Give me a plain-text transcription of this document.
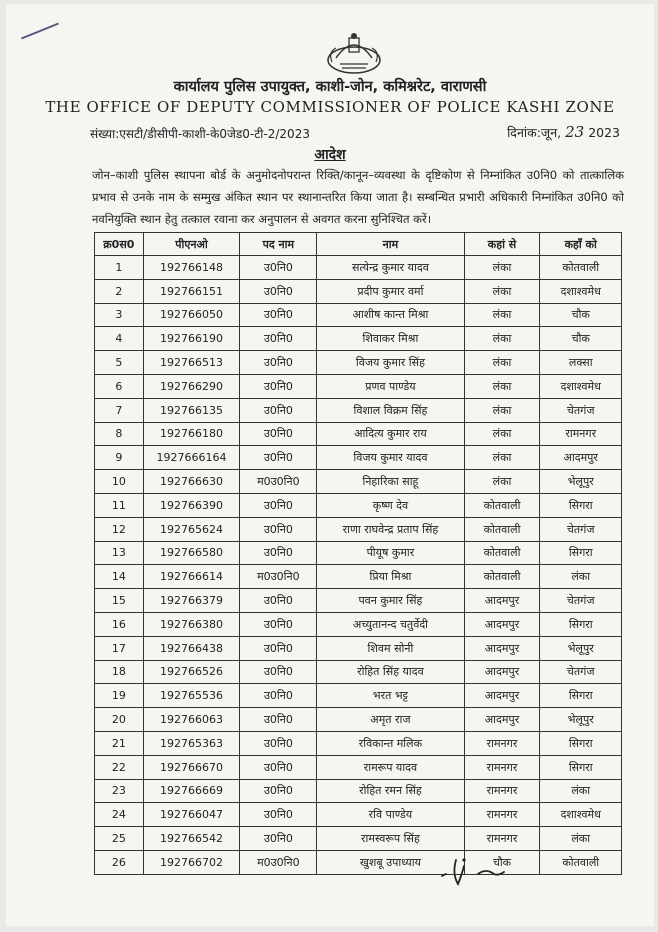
कार्यालय पुलिस उपायुक्त, काशी-जोन, कमिश्नरेट, वाराणसी
THE OFFICE OF DEPUTY COMMISSIONER OF POLICE KASHI ZONE
संख्या:एसटी/डीसीपी-काशी-के0जेड0-टी-2/2023	दिनांक:जून, 23 2023
आदेश
जोन–काशी पुलिस स्थापना बोर्ड के अनुमोदनोपरान्त रिक्ति/कानून–व्यवस्था के दृष्टिकोण से निम्नांकित उ0नि0 को तात्कालिक प्रभाव से उनके नाम के सम्मुख अंकित स्थान पर स्थानान्तरित किया जाता है। सम्बन्धित प्रभारी अधिकारी निम्नांकित उ0नि0 को नवनियुक्ति स्थान हेतु तत्काल रवाना कर अनुपालन से अवगत करना सुनिश्चित करें।
क्र0स0	पीएनओ	पद नाम	नाम	कहां से	कहाँ को
1	192766148	उ0नि0	सत्येन्द्र कुमार यादव	लंका	कोतवाली
2	192766151	उ0नि0	प्रदीप कुमार वर्मा	लंका	दशाश्वमेध
3	192766050	उ0नि0	आशीष कान्त मिश्रा	लंका	चौक
4	192766190	उ0नि0	शिवाकर मिश्रा	लंका	चौक
5	192766513	उ0नि0	विजय कुमार सिंह	लंका	लक्सा
6	192766290	उ0नि0	प्रणव पाण्डेय	लंका	दशाश्वमेध
7	192766135	उ0नि0	विशाल विक्रम सिंह	लंका	चेतगंज
8	192766180	उ0नि0	आदित्य कुमार राय	लंका	रामनगर
9	1927666164	उ0नि0	विजय कुमार यादव	लंका	आदमपुर
10	192766630	म0उ0नि0	निहारिका साहू	लंका	भेलूपुर
11	192766390	उ0नि0	कृष्ण देव	कोतवाली	सिगरा
12	192765624	उ0नि0	राणा राघवेन्द्र प्रताप सिंह	कोतवाली	चेतगंज
13	192766580	उ0नि0	पीयूष कुमार	कोतवाली	सिगरा
14	192766614	म0उ0नि0	प्रिया मिश्रा	कोतवाली	लंका
15	192766379	उ0नि0	पवन कुमार सिंह	आदमपुर	चेतगंज
16	192766380	उ0नि0	अच्युतानन्द चतुर्वेदी	आदमपुर	सिगरा
17	192766438	उ0नि0	शिवम सोनी	आदमपुर	भेलूपुर
18	192766526	उ0नि0	रोहित सिंह यादव	आदमपुर	चेतगंज
19	192765536	उ0नि0	भरत भट्ट	आदमपुर	सिगरा
20	192766063	उ0नि0	अमृत राज	आदमपुर	भेलूपुर
21	192765363	उ0नि0	रविकान्त मलिक	रामनगर	सिगरा
22	192766670	उ0नि0	रामरूप यादव	रामनगर	सिगरा
23	192766669	उ0नि0	रोहित रमन सिंह	रामनगर	लंका
24	192766047	उ0नि0	रवि पाण्डेय	रामनगर	दशाश्वमेध
25	192766542	उ0नि0	रामस्वरूप सिंह	रामनगर	लंका
26	192766702	म0उ0नि0	खुशबू उपाध्याय	चौक	कोतवाली
